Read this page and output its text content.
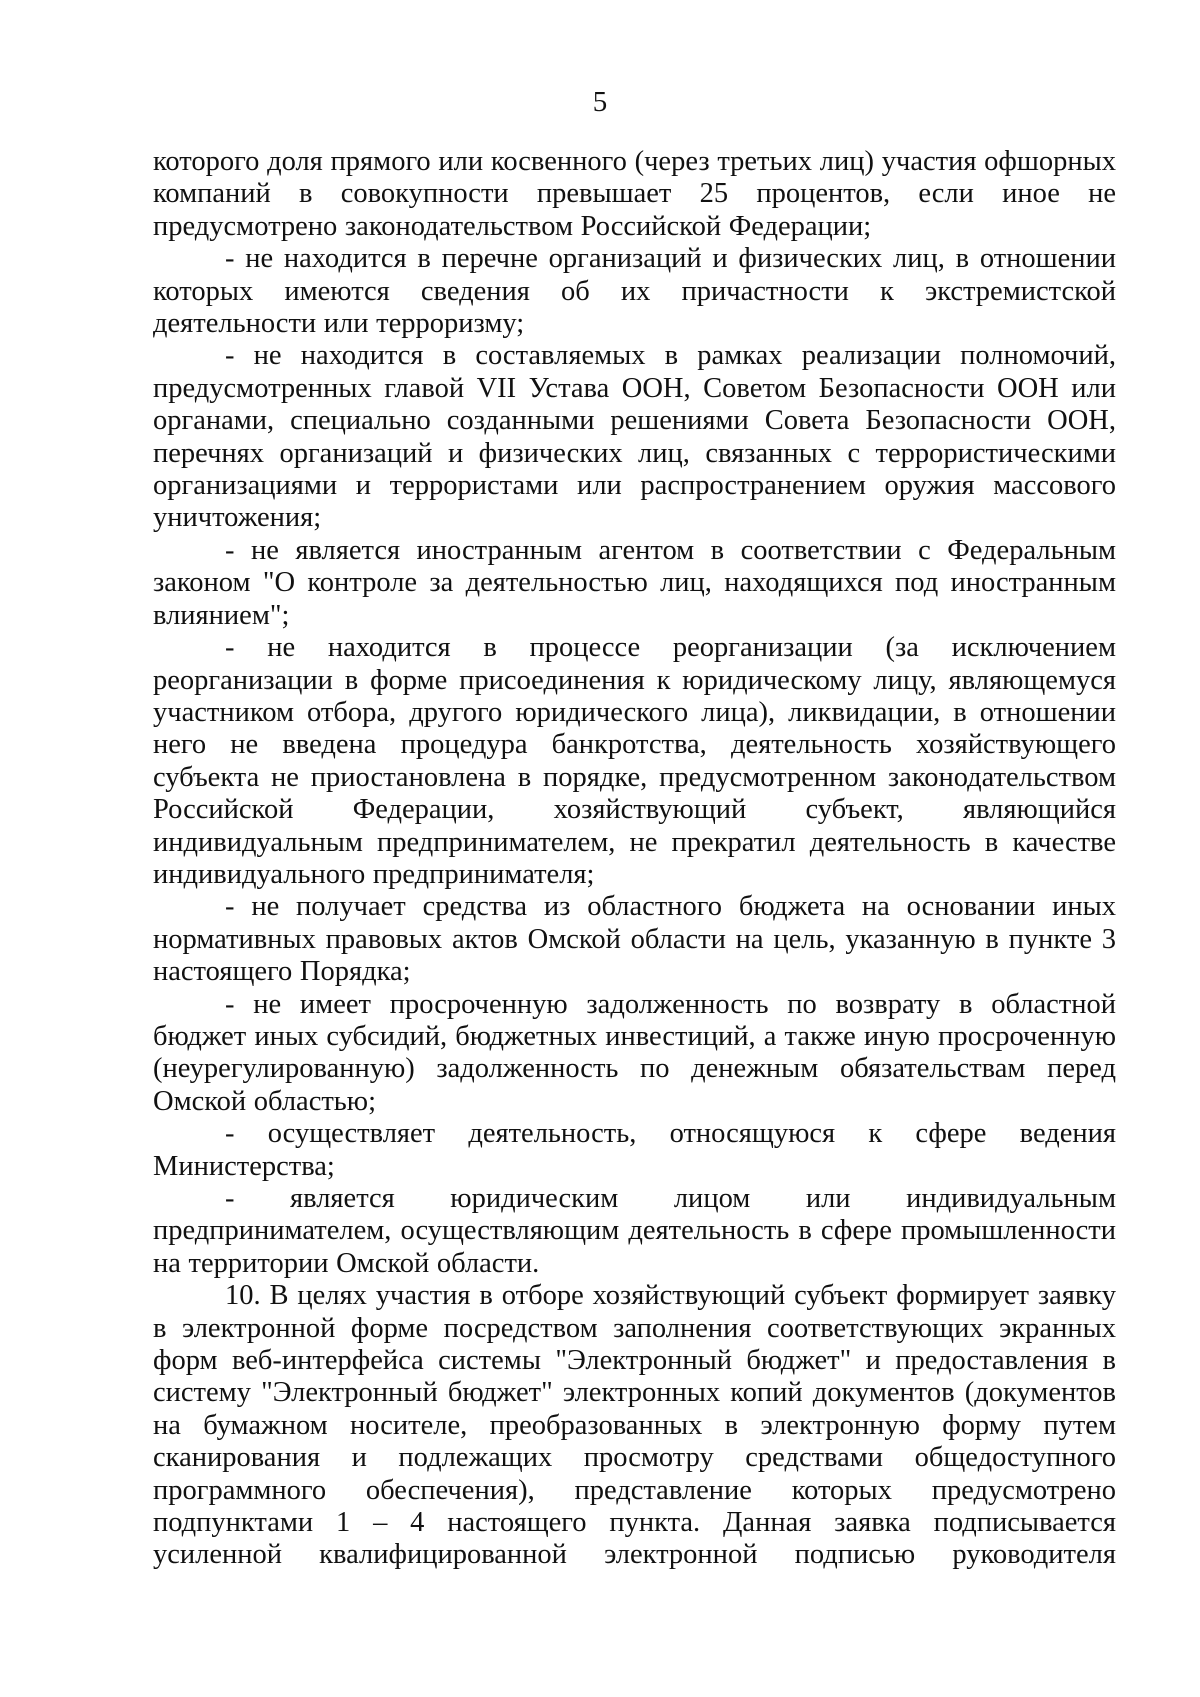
5

которого доля прямого или косвенного (через третьих лиц) участия офшорных компаний в совокупности превышает 25 процентов, если иное не предусмотрено законодательством Российской Федерации;

- не находится в перечне организаций и физических лиц, в отношении которых имеются сведения об их причастности к экстремистской деятельности или терроризму;

- не находится в составляемых в рамках реализации полномочий, предусмотренных главой VII Устава ООН, Советом Безопасности ООН или органами, специально созданными решениями Совета Безопасности ООН, перечнях организаций и физических лиц, связанных с террористическими организациями и террористами или распространением оружия массового уничтожения;

- не является иностранным агентом в соответствии с Федеральным законом "О контроле за деятельностью лиц, находящихся под иностранным влиянием";

- не находится в процессе реорганизации (за исключением реорганизации в форме присоединения к юридическому лицу, являющемуся участником отбора, другого юридического лица), ликвидации, в отношении него не введена процедура банкротства, деятельность хозяйствующего субъекта не приостановлена в порядке, предусмотренном законодательством Российской Федерации, хозяйствующий субъект, являющийся индивидуальным предпринимателем, не прекратил деятельность в качестве индивидуального предпринимателя;

- не получает средства из областного бюджета на основании иных нормативных правовых актов Омской области на цель, указанную в пункте 3 настоящего Порядка;

- не имеет просроченную задолженность по возврату в областной бюджет иных субсидий, бюджетных инвестиций, а также иную просроченную (неурегулированную) задолженность по денежным обязательствам перед Омской областью;

- осуществляет деятельность, относящуюся к сфере ведения Министерства;

- является юридическим лицом или индивидуальным предпринимателем, осуществляющим деятельность в сфере промышленности на территории Омской области.

10. В целях участия в отборе хозяйствующий субъект формирует заявку в электронной форме посредством заполнения соответствующих экранных форм веб-интерфейса системы "Электронный бюджет" и предоставления в систему "Электронный бюджет" электронных копий документов (документов на бумажном носителе, преобразованных в электронную форму путем сканирования и подлежащих просмотру средствами общедоступного программного обеспечения), представление которых предусмотрено подпунктами 1 – 4 настоящего пункта. Данная заявка подписывается усиленной квалифицированной электронной подписью руководителя
